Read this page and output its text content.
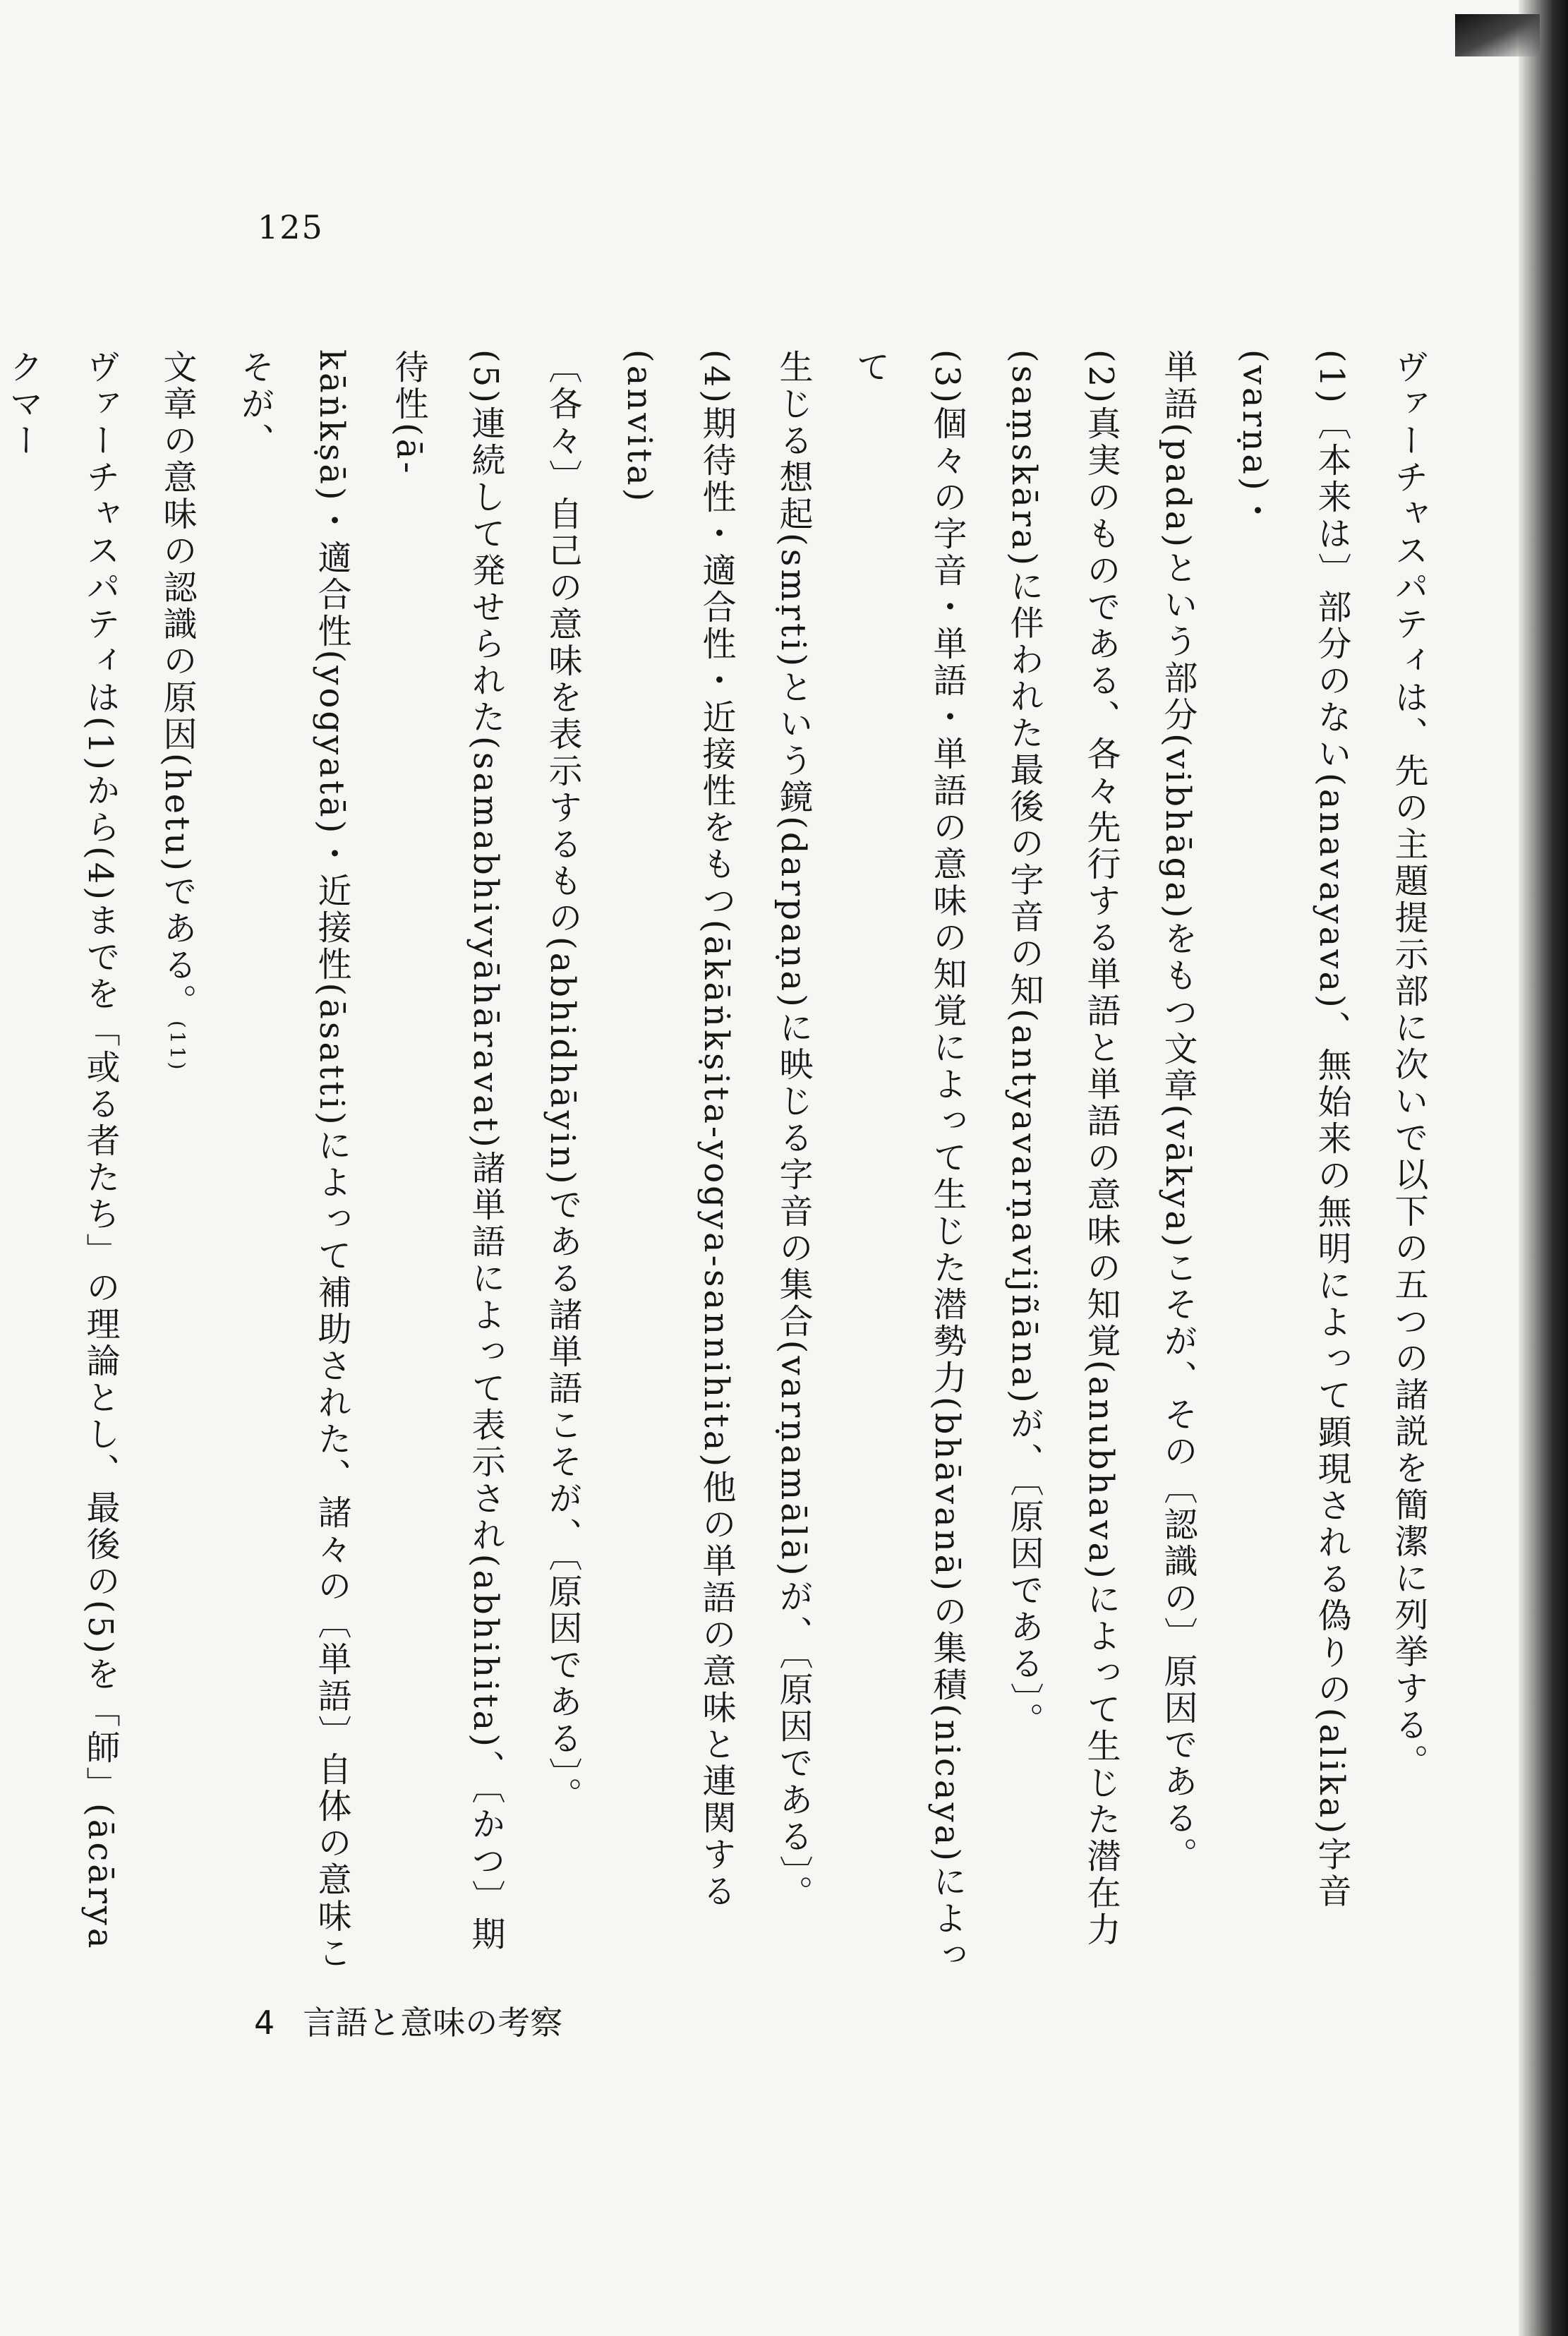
125

ヴァーチャスパティは、先の主題提示部に次いで以下の五つの諸説を簡潔に列挙する。

(1)〔本来は〕部分のない(anavayava)、無始来の無明によって顕現される偽りの(alika)字音(varṇa)・

単語(pada)という部分(vibhāga)をもつ文章(vākya)こそが、その〔認識の〕原因である。

(2)真実のものである、各々先行する単語と単語の意味の知覚(anubhava)によって生じた潜在力

(saṃskāra)に伴われた最後の字音の知(antyavarṇavijñāna)が、〔原因である〕。

(3)個々の字音・単語・単語の意味の知覚によって生じた潜勢力(bhāvanā)の集積(nicaya)によって

生じる想起(smṛti)という鏡(darpaṇa)に映じる字音の集合(varṇamālā)が、〔原因である〕。

(4)期待性・適合性・近接性をもつ(ākāṅkṣita-yogya-sannihita)他の単語の意味と連関する(anvita)

〔各々〕自己の意味を表示するもの(abhidhāyin)である諸単語こそが、〔原因である〕。

(5)連続して発せられた(samabhivyāhāravat)諸単語によって表示され(abhihita)、〔かつ〕期待性(ā-

kāṅkṣā)・適合性(yogyatā)・近接性(āsatti)によって補助された、諸々の〔単語〕自体の意味こそが、

文章の意味の認識の原因(hetu)である。(11)

ヴァーチャスパティは(1)から(4)までを「或る者たち」の理論とし、最後の(5)を「師」(ācārya クマー

4 言語と意味の考察
